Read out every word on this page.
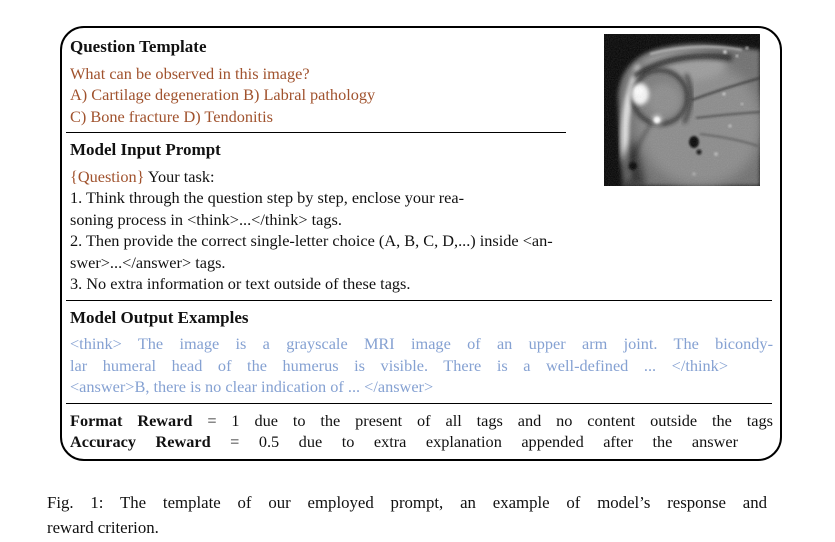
Question Template
What can be observed in this image?
A) Cartilage degeneration B) Labral pathology
C) Bone fracture D) Tendonitis
Model Input Prompt
{Question} Your task:
1. Think through the question step by step, enclose your rea-
soning process in <think>...</think> tags.
2. Then provide the correct single-letter choice (A, B, C, D,...) inside <an-
swer>...</answer> tags.
3. No extra information or text outside of these tags.
Model Output Examples
<think> The image is a grayscale MRI image of an upper arm joint. The bicondy-
lar humeral head of the humerus is visible. There is a well-defined ... </think>
<answer>B, there is no clear indication of ... </answer>
Format Reward = 1 due to the present of all tags and no content outside the tags
Accuracy Reward = 0.5 due to extra explanation appended after the answer

Fig. 1: The template of our employed prompt, an example of model’s response and
reward criterion.
